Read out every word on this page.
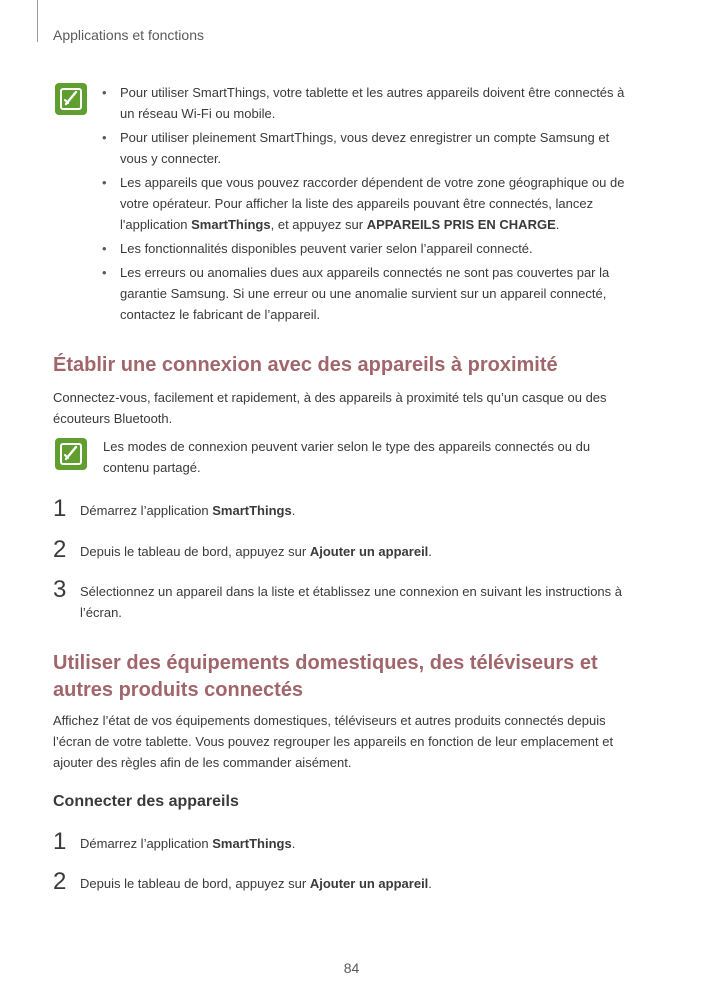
Applications et fonctions
• Pour utiliser SmartThings, votre tablette et les autres appareils doivent être connectés à un réseau Wi-Fi ou mobile.
• Pour utiliser pleinement SmartThings, vous devez enregistrer un compte Samsung et vous y connecter.
• Les appareils que vous pouvez raccorder dépendent de votre zone géographique ou de votre opérateur. Pour afficher la liste des appareils pouvant être connectés, lancez l'application SmartThings, et appuyez sur APPAREILS PRIS EN CHARGE.
• Les fonctionnalités disponibles peuvent varier selon l’appareil connecté.
• Les erreurs ou anomalies dues aux appareils connectés ne sont pas couvertes par la garantie Samsung. Si une erreur ou une anomalie survient sur un appareil connecté, contactez le fabricant de l’appareil.
Établir une connexion avec des appareils à proximité
Connectez-vous, facilement et rapidement, à des appareils à proximité tels qu’un casque ou des écouteurs Bluetooth.
Les modes de connexion peuvent varier selon le type des appareils connectés ou du contenu partagé.
1 Démarrez l’application SmartThings.
2 Depuis le tableau de bord, appuyez sur Ajouter un appareil.
3 Sélectionnez un appareil dans la liste et établissez une connexion en suivant les instructions à l’écran.
Utiliser des équipements domestiques, des téléviseurs et autres produits connectés
Affichez l’état de vos équipements domestiques, téléviseurs et autres produits connectés depuis l’écran de votre tablette. Vous pouvez regrouper les appareils en fonction de leur emplacement et ajouter des règles afin de les commander aisément.
Connecter des appareils
1 Démarrez l’application SmartThings.
2 Depuis le tableau de bord, appuyez sur Ajouter un appareil.
84
